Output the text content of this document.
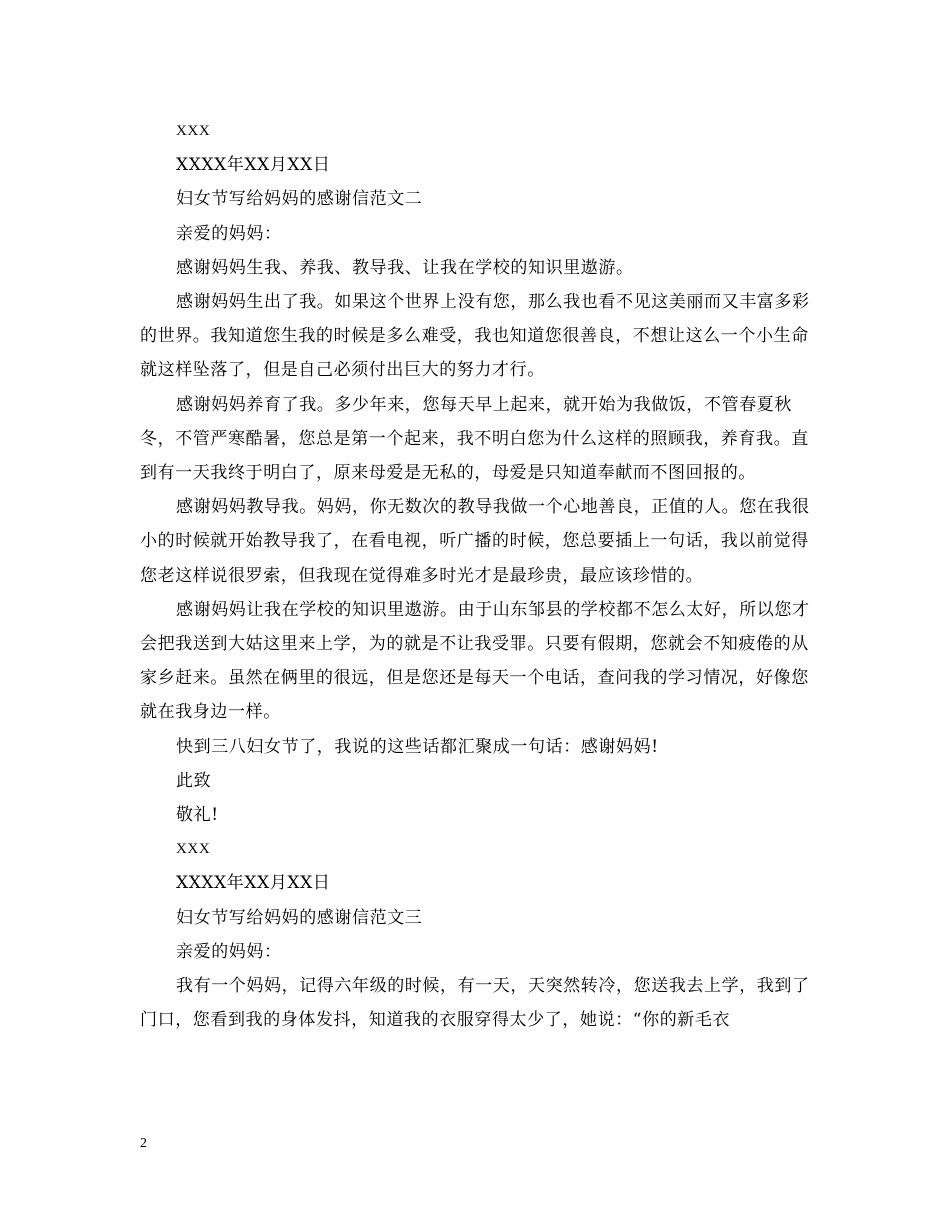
XXX

XXXX年XX月XX日

妇女节写给妈妈的感谢信范文二

亲爱的妈妈：

感谢妈妈生我、养我、教导我、让我在学校的知识里遨游。

感谢妈妈生出了我。如果这个世界上没有您，那么我也看不见这美丽而又丰富多彩的世界。我知道您生我的时候是多么难受，我也知道您很善良，不想让这么一个小生命就这样坠落了，但是自己必须付出巨大的努力才行。

感谢妈妈养育了我。多少年来，您每天早上起来，就开始为我做饭，不管春夏秋冬，不管严寒酷暑，您总是第一个起来，我不明白您为什么这样的照顾我，养育我。直到有一天我终于明白了，原来母爱是无私的，母爱是只知道奉献而不图回报的。

感谢妈妈教导我。妈妈，你无数次的教导我做一个心地善良，正值的人。您在我很小的时候就开始教导我了，在看电视，听广播的时候，您总要插上一句话，我以前觉得您老这样说很罗索，但我现在觉得难多时光才是最珍贵，最应该珍惜的。

感谢妈妈让我在学校的知识里遨游。由于山东邹县的学校都不怎么太好，所以您才会把我送到大姑这里来上学，为的就是不让我受罪。只要有假期，您就会不知疲倦的从家乡赶来。虽然在俩里的很远，但是您还是每天一个电话，查问我的学习情况，好像您就在我身边一样。

快到三八妇女节了，我说的这些话都汇聚成一句话：感谢妈妈!

此致

敬礼!

XXX

XXXX年XX月XX日

妇女节写给妈妈的感谢信范文三

亲爱的妈妈：

我有一个妈妈，记得六年级的时候，有一天，天突然转冷，您送我去上学，我到了门口，您看到我的身体发抖，知道我的衣服穿得太少了，她说：“你的新毛衣

2
